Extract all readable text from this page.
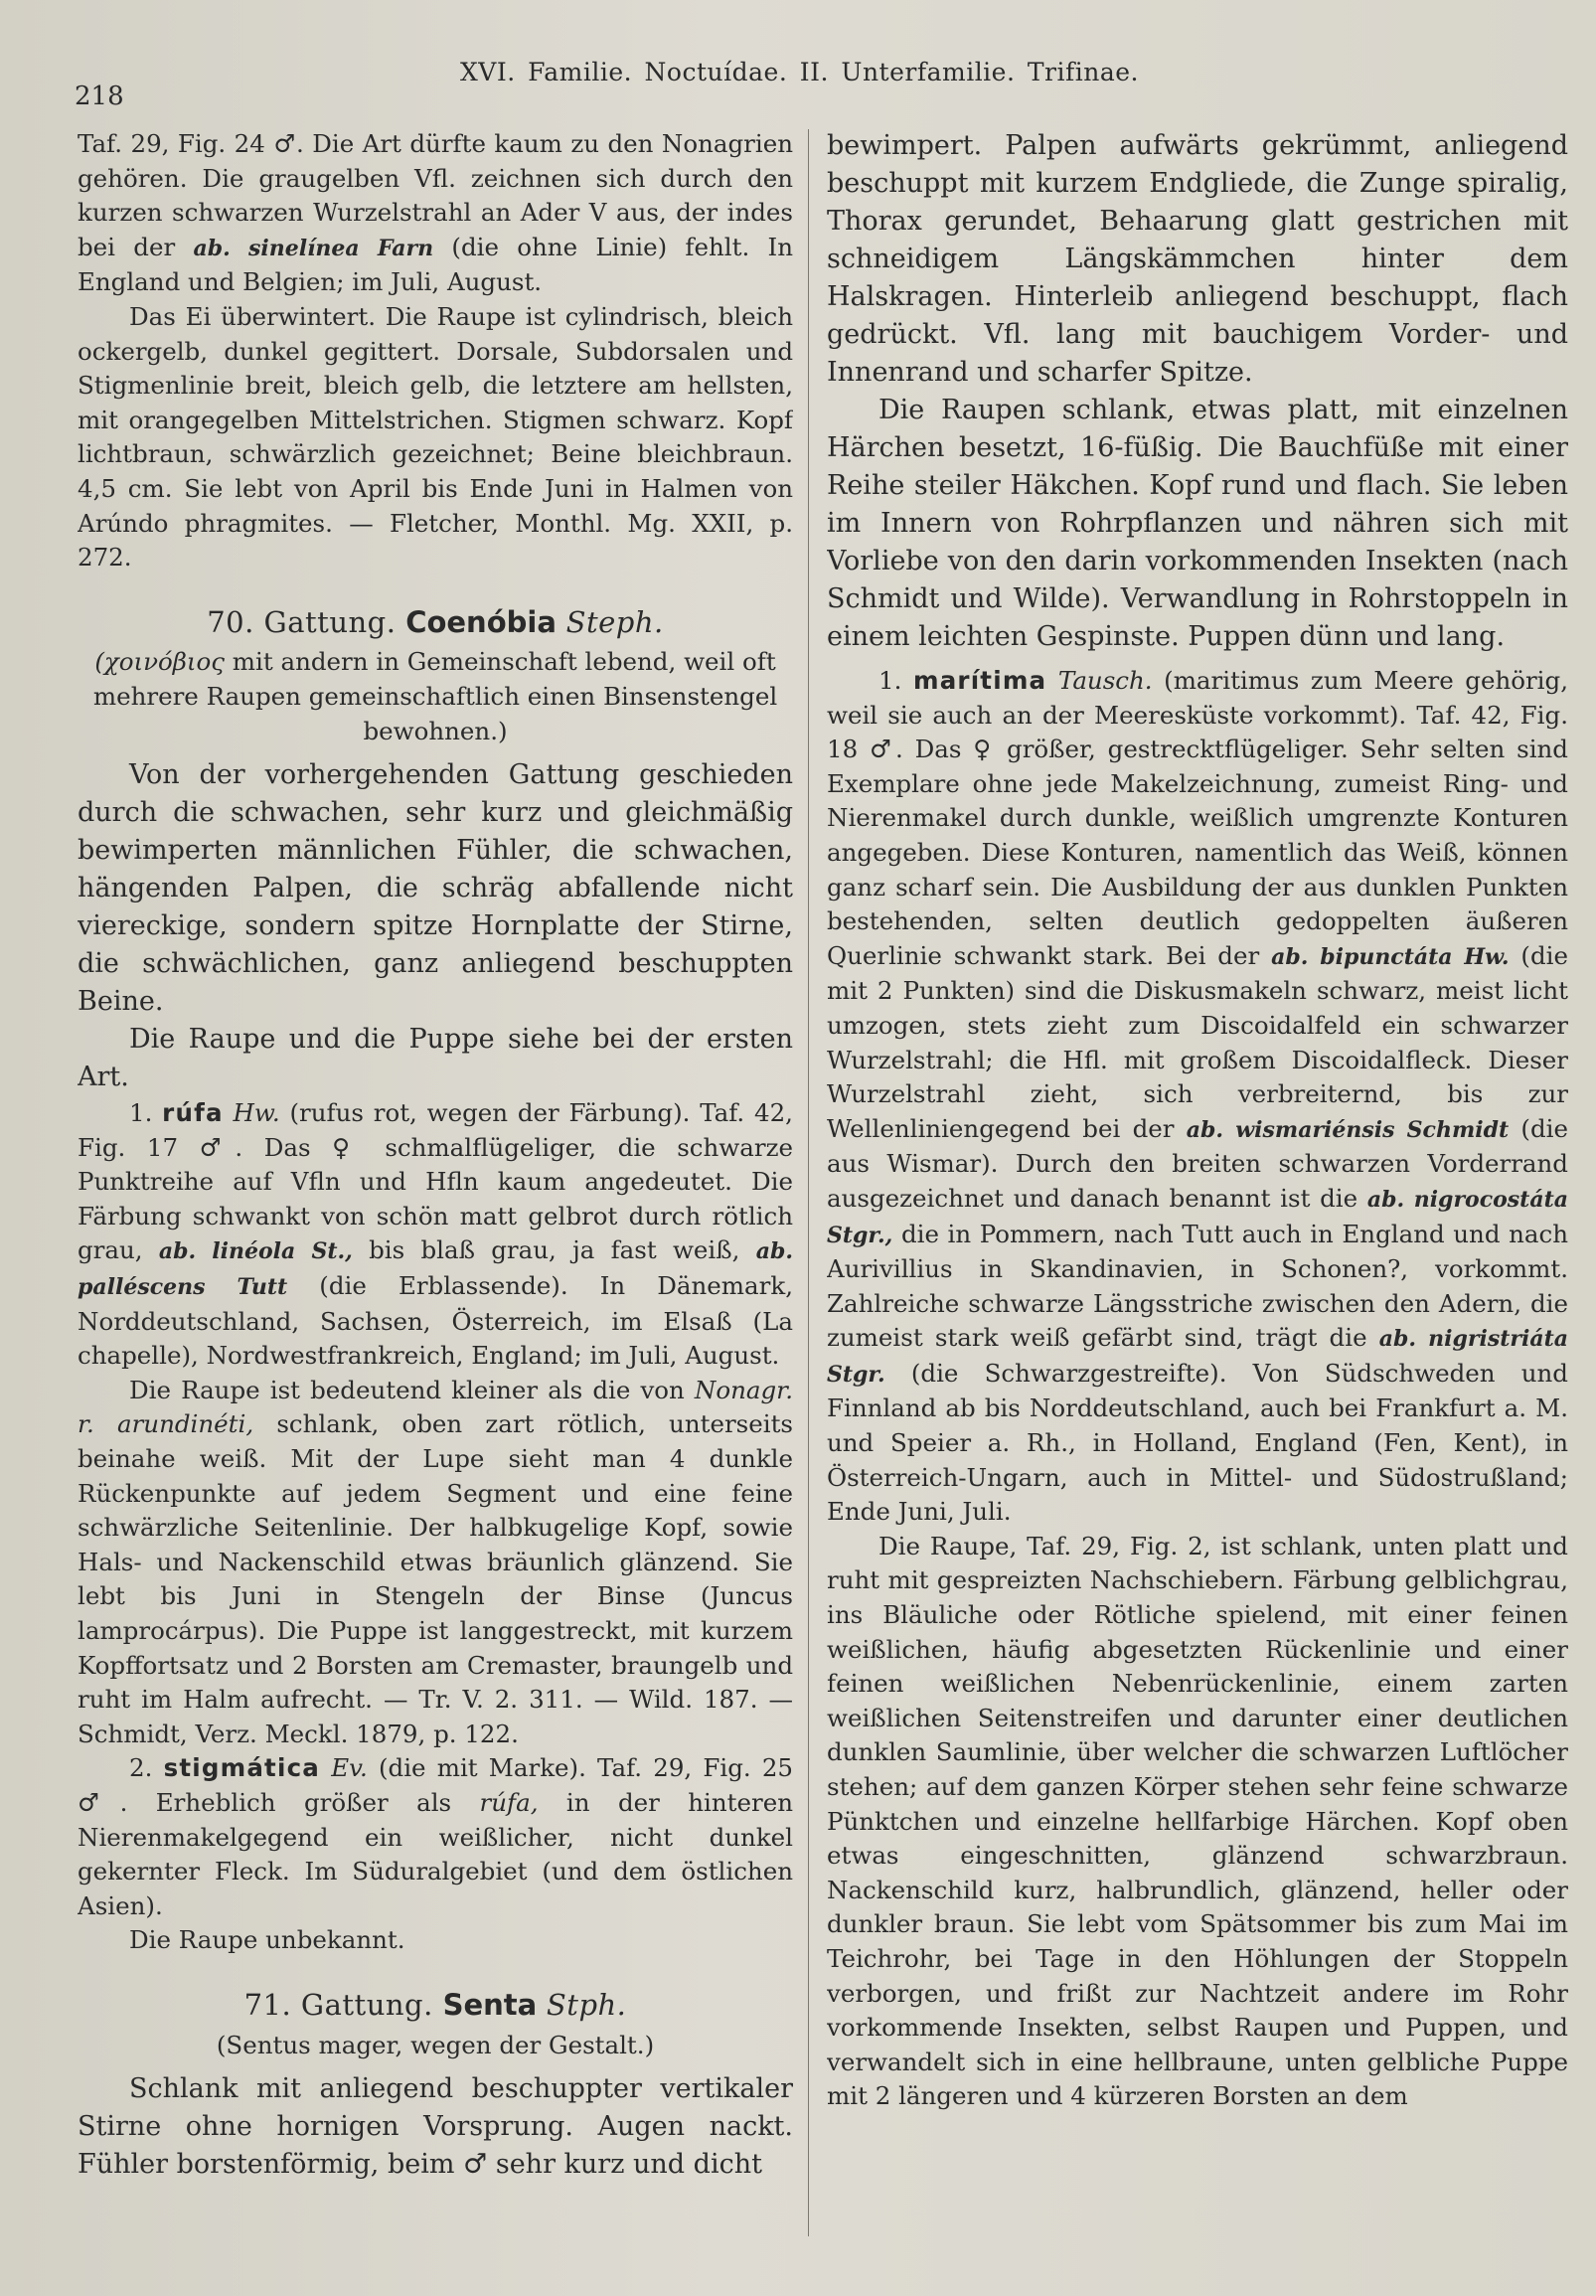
218
XVI. Familie. Noctuídae. II. Unterfamilie. Trifinae.

Taf. 29, Fig. 24 ♂. Die Art dürfte kaum zu den Nonagrien gehören. Die graugelben Vfl. zeichnen sich durch den kurzen schwarzen Wurzelstrahl an Ader V aus, der indes bei der ab. sinelínea Farn (die ohne Linie) fehlt. In England und Belgien; im Juli, August.

Das Ei überwintert. Die Raupe ist cylindrisch, bleich ockergelb, dunkel gegittert. Dorsale, Subdorsalen und Stigmenlinie breit, bleich gelb, die letztere am hellsten, mit orangegelben Mittelstrichen. Stigmen schwarz. Kopf lichtbraun, schwärzlich gezeichnet; Beine bleichbraun. 4,5 cm. Sie lebt von April bis Ende Juni in Halmen von Arúndo phragmites. — Fletcher, Monthl. Mg. XXII, p. 272.

70. Gattung. Coenóbia Steph.

(χοινόβιος mit andern in Gemeinschaft lebend, weil oft mehrere Raupen gemeinschaftlich einen Binsenstengel bewohnen.)

Von der vorhergehenden Gattung geschieden durch die schwachen, sehr kurz und gleichmäßig bewimperten männlichen Fühler, die schwachen, hängenden Palpen, die schräg abfallende nicht viereckige, sondern spitze Hornplatte der Stirne, die schwächlichen, ganz anliegend beschuppten Beine.

Die Raupe und die Puppe siehe bei der ersten Art.

1. rúfa Hw. (rufus rot, wegen der Färbung). Taf. 42, Fig. 17 ♂. Das ♀ schmalflügeliger, die schwarze Punktreihe auf Vfln und Hfln kaum angedeutet. Die Färbung schwankt von schön matt gelbrot durch rötlich grau, ab. linéola St., bis blaß grau, ja fast weiß, ab. palléscens Tutt (die Erblassende). In Dänemark, Norddeutschland, Sachsen, Österreich, im Elsaß (La chapelle), Nordwestfrankreich, England; im Juli, August.

Die Raupe ist bedeutend kleiner als die von Nonagr. r. arundinéti, schlank, oben zart rötlich, unterseits beinahe weiß. Mit der Lupe sieht man 4 dunkle Rückenpunkte auf jedem Segment und eine feine schwärzliche Seitenlinie. Der halbkugelige Kopf, sowie Hals- und Nackenschild etwas bräunlich glänzend. Sie lebt bis Juni in Stengeln der Binse (Juncus lamprocárpus). Die Puppe ist langgestreckt, mit kurzem Kopffortsatz und 2 Borsten am Cremaster, braungelb und ruht im Halm aufrecht. — Tr. V. 2. 311. — Wild. 187. — Schmidt, Verz. Meckl. 1879, p. 122.

2. stigmática Ev. (die mit Marke). Taf. 29, Fig. 25 ♂. Erheblich größer als rúfa, in der hinteren Nierenmakelgegend ein weißlicher, nicht dunkel gekernter Fleck. Im Süduralgebiet (und dem östlichen Asien).

Die Raupe unbekannt.

71. Gattung. Senta Stph.

(Sentus mager, wegen der Gestalt.)

Schlank mit anliegend beschuppter vertikaler Stirne ohne hornigen Vorsprung. Augen nackt. Fühler borstenförmig, beim ♂ sehr kurz und dicht

bewimpert. Palpen aufwärts gekrümmt, anliegend beschuppt mit kurzem Endgliede, die Zunge spiralig, Thorax gerundet, Behaarung glatt gestrichen mit schneidigem Längskämmchen hinter dem Halskragen. Hinterleib anliegend beschuppt, flach gedrückt. Vfl. lang mit bauchigem Vorder- und Innenrand und scharfer Spitze.

Die Raupen schlank, etwas platt, mit einzelnen Härchen besetzt, 16-füßig. Die Bauchfüße mit einer Reihe steiler Häkchen. Kopf rund und flach. Sie leben im Innern von Rohrpflanzen und nähren sich mit Vorliebe von den darin vorkommenden Insekten (nach Schmidt und Wilde). Verwandlung in Rohrstoppeln in einem leichten Gespinste. Puppen dünn und lang.

1. marítima Tausch. (maritimus zum Meere gehörig, weil sie auch an der Meeresküste vorkommt). Taf. 42, Fig. 18 ♂. Das ♀ größer, gestrecktflügeliger. Sehr selten sind Exemplare ohne jede Makelzeichnung, zumeist Ring- und Nierenmakel durch dunkle, weißlich umgrenzte Konturen angegeben. Diese Konturen, namentlich das Weiß, können ganz scharf sein. Die Ausbildung der aus dunklen Punkten bestehenden, selten deutlich gedoppelten äußeren Querlinie schwankt stark. Bei der ab. bipunctáta Hw. (die mit 2 Punkten) sind die Diskusmakeln schwarz, meist licht umzogen, stets zieht zum Discoidalfeld ein schwarzer Wurzelstrahl; die Hfl. mit großem Discoidalfleck. Dieser Wurzelstrahl zieht, sich verbreiternd, bis zur Wellenliniengegend bei der ab. wismariénsis Schmidt (die aus Wismar). Durch den breiten schwarzen Vorderrand ausgezeichnet und danach benannt ist die ab. nigrocostáta Stgr., die in Pommern, nach Tutt auch in England und nach Aurivillius in Skandinavien, in Schonen?, vorkommt. Zahlreiche schwarze Längsstriche zwischen den Adern, die zumeist stark weiß gefärbt sind, trägt die ab. nigristriáta Stgr. (die Schwarzgestreifte). Von Südschweden und Finnland ab bis Norddeutschland, auch bei Frankfurt a. M. und Speier a. Rh., in Holland, England (Fen, Kent), in Österreich-Ungarn, auch in Mittel- und Südostrußland; Ende Juni, Juli.

Die Raupe, Taf. 29, Fig. 2, ist schlank, unten platt und ruht mit gespreizten Nachschiebern. Färbung gelblichgrau, ins Bläuliche oder Rötliche spielend, mit einer feinen weißlichen, häufig abgesetzten Rückenlinie und einer feinen weißlichen Nebenrückenlinie, einem zarten weißlichen Seitenstreifen und darunter einer deutlichen dunklen Saumlinie, über welcher die schwarzen Luftlöcher stehen; auf dem ganzen Körper stehen sehr feine schwarze Pünktchen und einzelne hellfarbige Härchen. Kopf oben etwas eingeschnitten, glänzend schwarzbraun. Nackenschild kurz, halbrundlich, glänzend, heller oder dunkler braun. Sie lebt vom Spätsommer bis zum Mai im Teichrohr, bei Tage in den Höhlungen der Stoppeln verborgen, und frißt zur Nachtzeit andere im Rohr vorkommende Insekten, selbst Raupen und Puppen, und verwandelt sich in eine hellbraune, unten gelbliche Puppe mit 2 längeren und 4 kürzeren Borsten an dem
